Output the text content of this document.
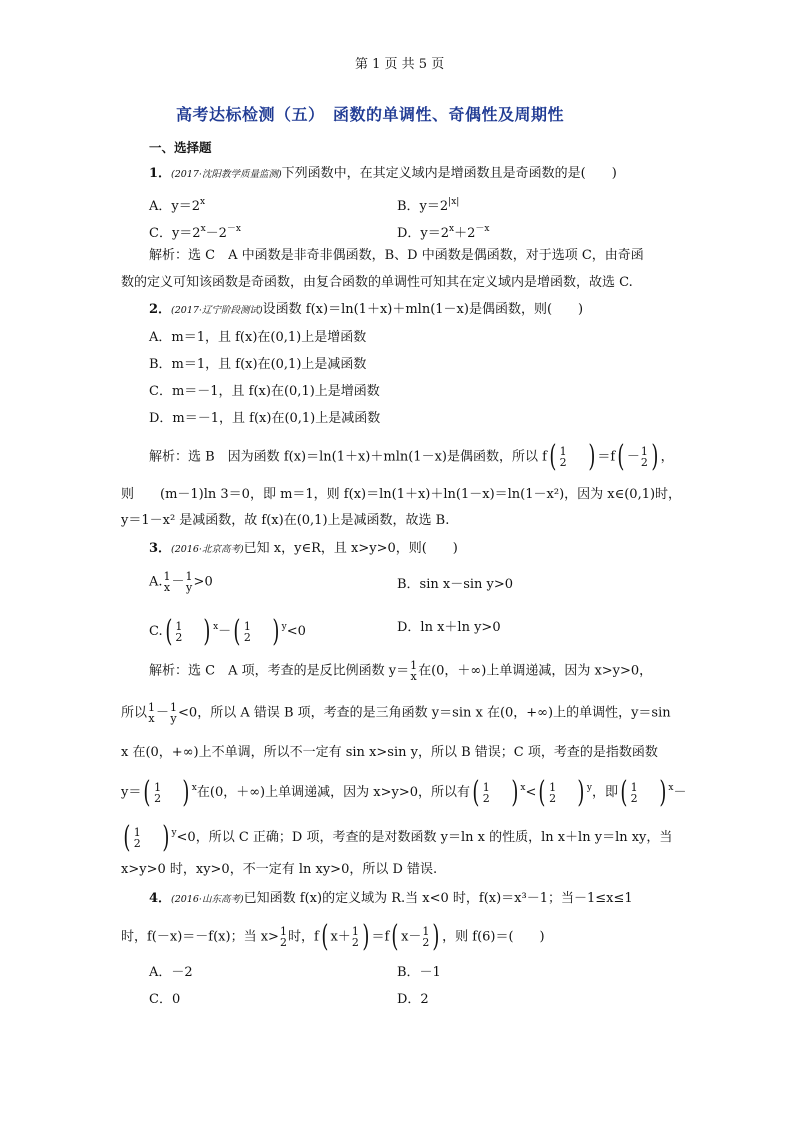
第 1 页 共 5 页
高考达标检测（五）　函数的单调性、奇偶性及周期性
一、选择题
1．(2017·沈阳教学质量监测)下列函数中，在其定义域内是增函数且是奇函数的是(　　)
A．$y=2^x$	B．$y=2^{|x|}$
C．$y=2^x-2^{-x}$	D．$y=2^x+2^{-x}$
解析：选 C　A 中函数是非奇非偶函数，B、D 中函数是偶函数，对于选项 C，由奇函
数的定义可知该函数是奇函数，由复合函数的单调性可知其在定义域内是增函数，故选 C.
2．(2017·辽宁阶段测试)设函数 f(x)＝ln(1＋x)＋mln(1－x)是偶函数，则(　　)
A．m＝1，且 f(x)在(0,1)上是增函数
B．m＝1，且 f(x)在(0,1)上是减函数
C．m＝－1，且 f(x)在(0,1)上是增函数
D．m＝－1，且 f(x)在(0,1)上是减函数
解析：选 B　因为函数 f(x)＝ln(1＋x)＋mln(1－x)是偶函数，所以 f( 1
2 ) ＝f( － 1
2 ) ，
则　　(m－1)ln 3＝0，即 m＝1，则 f(x)＝ln(1＋x)＋ln(1－x)＝ln(1－x²)，因为 x∈(0,1)时，
y＝1－x² 是减函数，故 f(x)在(0,1)上是减函数，故选 B.
3．(2016·北京高考)已知 x，y∈R，且 x>y>0，则(　　)
A. 1
x － 1
y >0	B．sin x－sin y>0
C.( 1
2 ) $^x$－( 1
2 ) $^y$<0	D．ln x＋ln y>0
解析：选 C　A 项，考查的是反比例函数 y＝ 1
x 在(0，＋∞)上单调递减，因为 x>y>0，
所以 1
x － 1
y <0，所以 A 错误 B 项，考查的是三角函数 y＝sin x 在(0，+∞)上的单调性，y＝sin
x 在(0，+∞)上不单调，所以不一定有 sin x>sin y，所以 B 错误；C 项，考查的是指数函数
y＝( 1
2 ) $^x$在(0，＋∞)上单调递减，因为 x>y>0，所以有( 1
2 ) $^x$<( 1
2 ) $^y$，即( 1
2 ) $^x$－
( 1
2 ) $^y$<0，所以 C 正确；D 项，考查的是对数函数 y＝ln x 的性质，ln x＋ln y＝ln xy，当
x>y>0 时，xy>0，不一定有 ln xy>0，所以 D 错误.
4．(2016·山东高考)已知函数 f(x)的定义域为 R.当 x<0 时，f(x)＝x³－1；当－1≤x≤1
时，f(－x)＝－f(x)；当 x> 1
2 时，f( x＋ 1
2 ) ＝f( x－ 1
2 ) ，则 f(6)＝(　　)
A．－2	B．－1
C．0	D．2
